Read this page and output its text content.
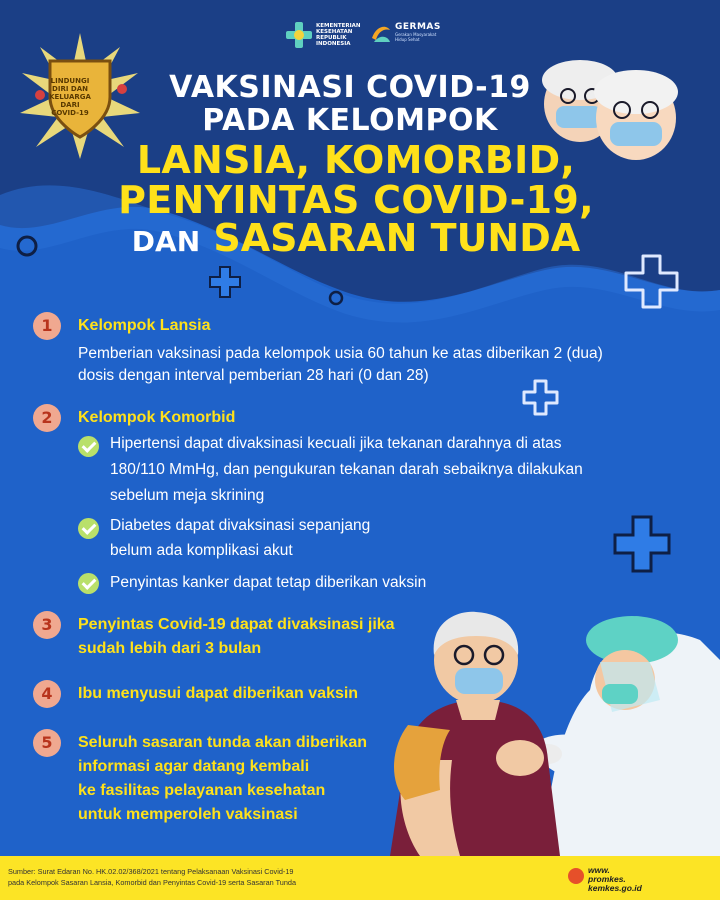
KEMENTERIAN KESEHATAN REPUBLIK INDONESIA
GERMAS
Gerakan Masyarakat Hidup Sehat
LINDUNGI DIRI DAN KELUARGA DARI COVID-19
VAKSINASI COVID-19
PADA KELOMPOK
LANSIA, KOMORBID,
PENYINTAS COVID-19,
DAN SASARAN TUNDA
1	Kelompok Lansia
Pemberian vaksinasi pada kelompok usia 60 tahun ke atas diberikan 2 (dua)
dosis dengan interval pemberian 28 hari (0 dan 28)
2	Kelompok Komorbid
Hipertensi dapat divaksinasi kecuali jika tekanan darahnya di atas
180/110 MmHg, dan pengukuran tekanan darah sebaiknya dilakukan
sebelum meja skrining
Diabetes dapat divaksinasi sepanjang
belum ada komplikasi akut
Penyintas kanker dapat tetap diberikan vaksin
3	Penyintas Covid-19 dapat divaksinasi jika
sudah lebih dari 3 bulan
4	Ibu menyusui dapat diberikan vaksin
5	Seluruh sasaran tunda akan diberikan
informasi agar datang kembali
ke fasilitas pelayanan kesehatan
untuk memperoleh vaksinasi
Sumber: Surat Edaran No. HK.02.02/368/2021 tentang Pelaksanaan Vaksinasi Covid-19
pada Kelompok Sasaran Lansia, Komorbid dan Penyintas Covid-19 serta Sasaran Tunda
www.
promkes.
kemkes.go.id
